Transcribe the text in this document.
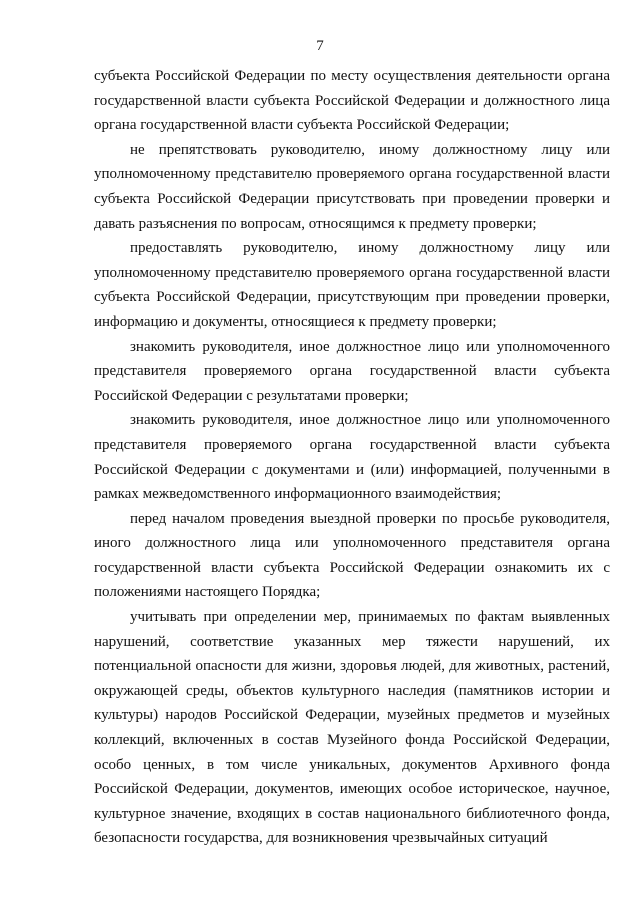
7

субъекта Российской Федерации по месту осуществления деятельности органа государственной власти субъекта Российской Федерации и должностного лица органа государственной власти субъекта Российской Федерации;

не препятствовать руководителю, иному должностному лицу или уполномоченному представителю проверяемого органа государственной власти субъекта Российской Федерации присутствовать при проведении проверки и давать разъяснения по вопросам, относящимся к предмету проверки;

предоставлять руководителю, иному должностному лицу или уполномоченному представителю проверяемого органа государственной власти субъекта Российской Федерации, присутствующим при проведении проверки, информацию и документы, относящиеся к предмету проверки;

знакомить руководителя, иное должностное лицо или уполномоченного представителя проверяемого органа государственной власти субъекта Российской Федерации с результатами проверки;

знакомить руководителя, иное должностное лицо или уполномоченного представителя проверяемого органа государственной власти субъекта Российской Федерации с документами и (или) информацией, полученными в рамках межведомственного информационного взаимодействия;

перед началом проведения выездной проверки по просьбе руководителя, иного должностного лица или уполномоченного представителя органа государственной власти субъекта Российской Федерации ознакомить их с положениями настоящего Порядка;

учитывать при определении мер, принимаемых по фактам выявленных нарушений, соответствие указанных мер тяжести нарушений, их потенциальной опасности для жизни, здоровья людей, для животных, растений, окружающей среды, объектов культурного наследия (памятников истории и культуры) народов Российской Федерации, музейных предметов и музейных коллекций, включенных в состав Музейного фонда Российской Федерации, особо ценных, в том числе уникальных, документов Архивного фонда Российской Федерации, документов, имеющих особое историческое, научное, культурное значение, входящих в состав национального библиотечного фонда, безопасности государства, для возникновения чрезвычайных ситуаций
